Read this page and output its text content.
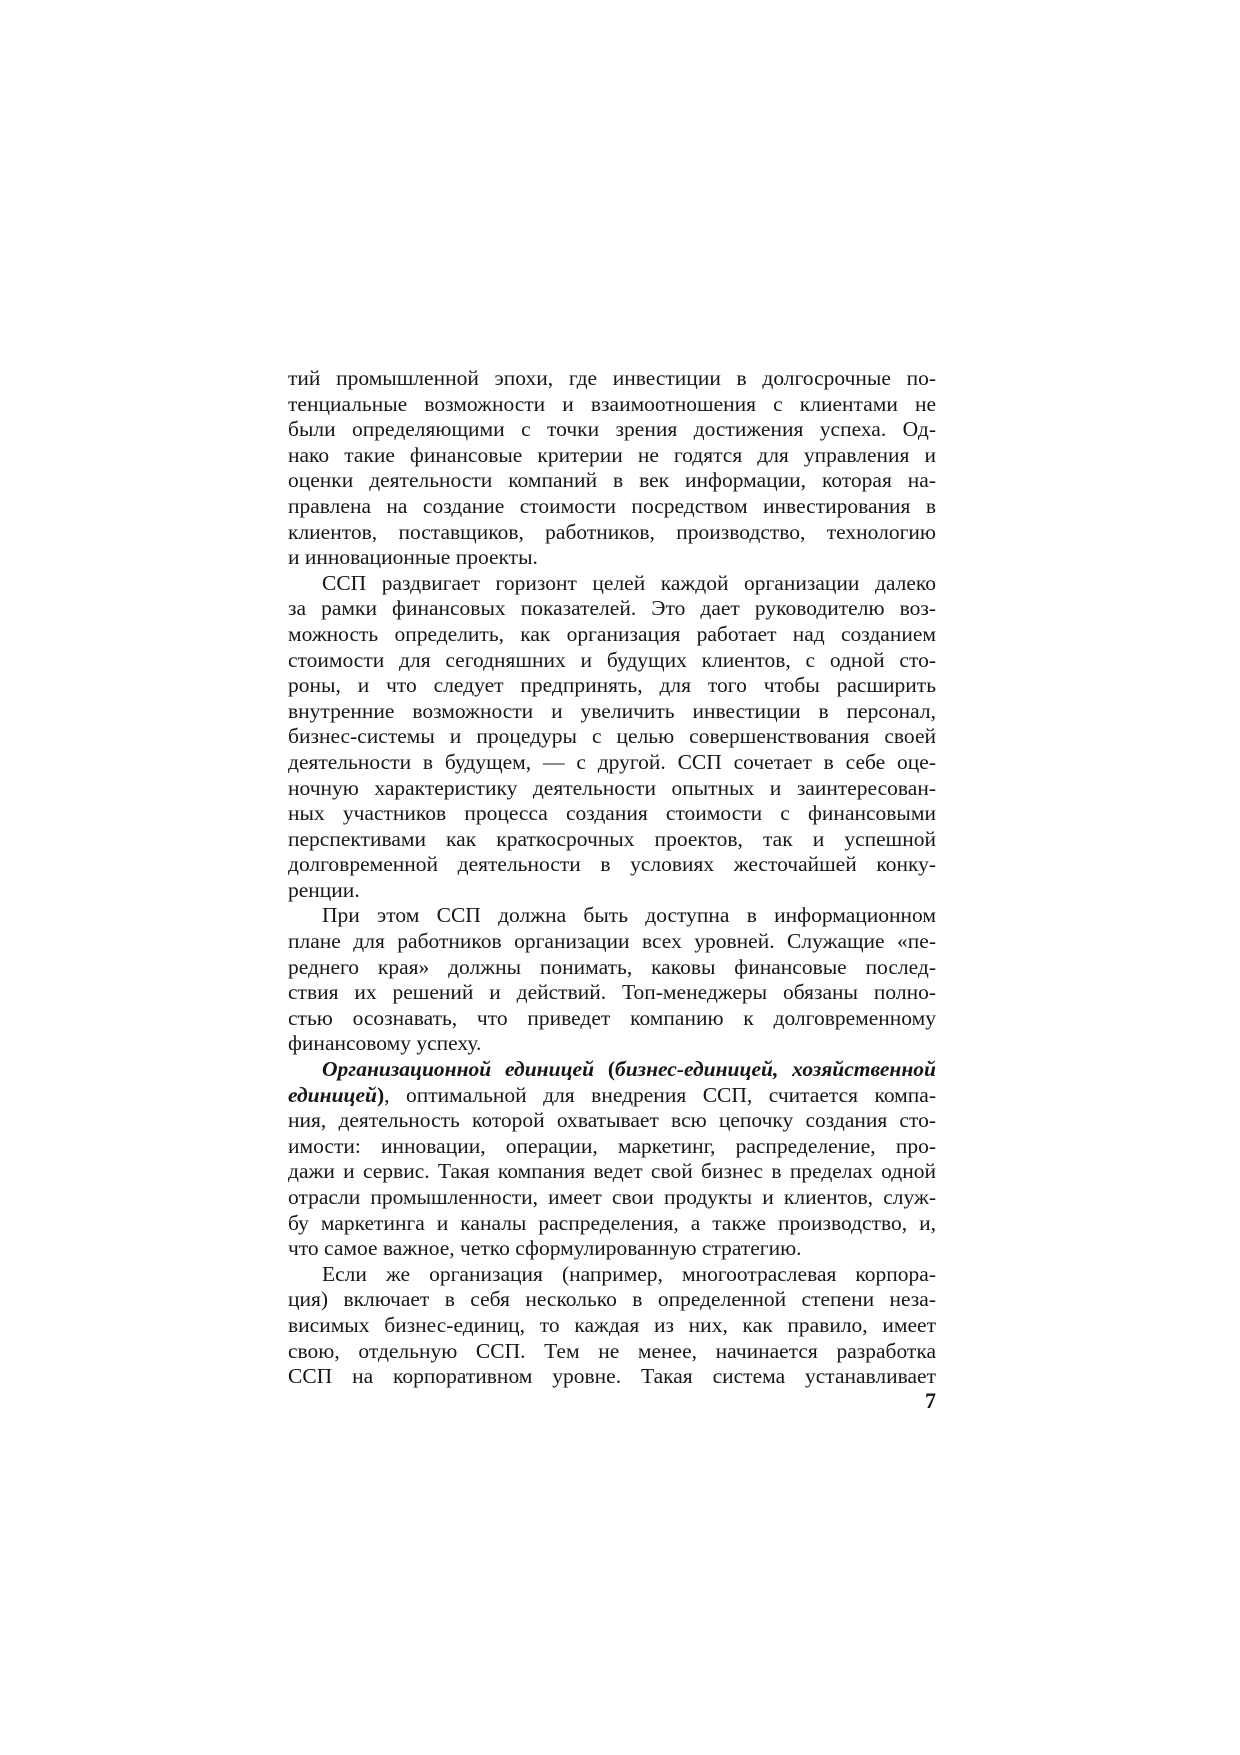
тий промышленной эпохи, где инвестиции в долгосрочные по-
тенциальные возможности и взаимоотношения с клиентами не
были определяющими с точки зрения достижения успеха. Од-
нако такие финансовые критерии не годятся для управления и
оценки деятельности компаний в век информации, которая на-
правлена на создание стоимости посредством инвестирования в
клиентов, поставщиков, работников, производство, технологию
и инновационные проекты.
ССП раздвигает горизонт целей каждой организации далеко
за рамки финансовых показателей. Это дает руководителю воз-
можность определить, как организация работает над созданием
стоимости для сегодняшних и будущих клиентов, с одной сто-
роны, и что следует предпринять, для того чтобы расширить
внутренние возможности и увеличить инвестиции в персонал,
бизнес-системы и процедуры с целью совершенствования своей
деятельности в будущем, — с другой. ССП сочетает в себе оце-
ночную характеристику деятельности опытных и заинтересован-
ных участников процесса создания стоимости с финансовыми
перспективами как краткосрочных проектов, так и успешной
долговременной деятельности в условиях жесточайшей конку-
ренции.
При этом ССП должна быть доступна в информационном
плане для работников организации всех уровней. Служащие «пе-
реднего края» должны понимать, каковы финансовые послед-
ствия их решений и действий. Топ-менеджеры обязаны полно-
стью осознавать, что приведет компанию к долговременному
финансовому успеху.
Организационной единицей (бизнес-единицей, хозяйственной
единицей), оптимальной для внедрения ССП, считается компа-
ния, деятельность которой охватывает всю цепочку создания сто-
имости: инновации, операции, маркетинг, распределение, про-
дажи и сервис. Такая компания ведет свой бизнес в пределах одной
отрасли промышленности, имеет свои продукты и клиентов, служ-
бу маркетинга и каналы распределения, а также производство, и,
что самое важное, четко сформулированную стратегию.
Если же организация (например, многоотраслевая корпора-
ция) включает в себя несколько в определенной степени неза-
висимых бизнес-единиц, то каждая из них, как правило, имеет
свою, отдельную ССП. Тем не менее, начинается разработка
ССП на корпоративном уровне. Такая система устанавливает
7
